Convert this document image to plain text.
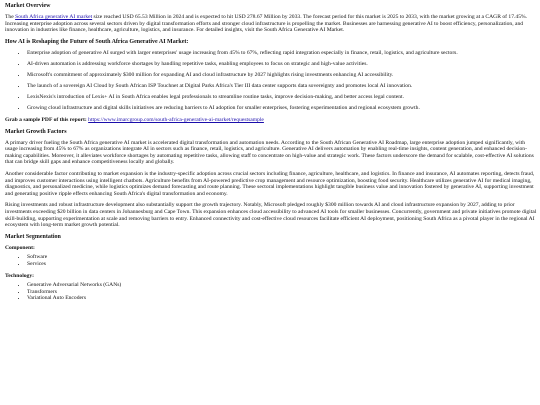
Market Overview

The South Africa generative AI market size reached USD 65.53 Million in 2024 and is expected to hit USD 278.67 Million by 2033. The forecast period for this market is 2025 to 2033, with the market growing at a CAGR of 17.45%. Increasing enterprise adoption across several sectors driven by digital transformation efforts and stronger cloud infrastructure is propelling the market. Businesses are harnessing generative AI to boost efficiency, personalization, and innovation in industries like finance, healthcare, agriculture, logistics, and insurance. For detailed insights, visit the South Africa Generative AI Market.

How AI is Reshaping the Future of South Africa Generative AI Market:
• Enterprise adoption of generative AI surged with larger enterprises' usage increasing from 45% to 67%, reflecting rapid integration especially in finance, retail, logistics, and agriculture sectors.
• AI-driven automation is addressing workforce shortages by handling repetitive tasks, enabling employees to focus on strategic and high-value activities.
• Microsoft's commitment of approximately $300 million for expanding AI and cloud infrastructure by 2027 highlights rising investments enhancing AI accessibility.
• The launch of a sovereign AI Cloud by South African ISP Touchnet at Digital Parks Africa's Tier III data center supports data sovereignty and promotes local AI innovation.
• LexisNexis's introduction of Lexis+ AI in South Africa enables legal professionals to streamline routine tasks, improve decision-making, and better access legal content.
• Growing cloud infrastructure and digital skills initiatives are reducing barriers to AI adoption for smaller enterprises, fostering experimentation and regional ecosystem growth.
Grab a sample PDF of this report: https://www.imarcgroup.com/south-africa-generative-ai-market/requestsample
Market Growth Factors

A primary driver fueling the South Africa generative AI market is accelerated digital transformation and automation needs. According to the South African Generative AI Roadmap, large enterprise adoption jumped significantly, with usage increasing from 45% to 67% as organizations integrate AI in sectors such as finance, retail, logistics, and agriculture. Generative AI delivers automation by enabling real-time insights, content generation, and enhanced decision-making capabilities. Moreover, it alleviates workforce shortages by automating repetitive tasks, allowing staff to concentrate on high-value and strategic work. These factors underscore the demand for scalable, cost-effective AI solutions that can bridge skill gaps and enhance competitiveness locally and globally.

Another considerable factor contributing to market expansion is the industry-specific adoption across crucial sectors including finance, agriculture, healthcare, and logistics. In finance and insurance, AI automates reporting, detects fraud, and improves customer interactions using intelligent chatbots. Agriculture benefits from AI-powered predictive crop management and resource optimization, boosting food security. Healthcare utilizes generative AI for medical imaging, diagnostics, and personalized medicine, while logistics optimizes demand forecasting and route planning. These sectoral implementations highlight tangible business value and innovation fostered by generative AI, supporting investment and generating positive ripple effects enhancing South Africa's digital transformation and economy.

Rising investments and robust infrastructure development also substantially support the growth trajectory. Notably, Microsoft pledged roughly $300 million towards AI and cloud infrastructure expansion by 2027, adding to prior investments exceeding $20 billion in data centers in Johannesburg and Cape Town. This expansion enhances cloud accessibility to advanced AI tools for smaller businesses. Concurrently, government and private initiatives promote digital skill-building, supporting experimentation at scale and removing barriers to entry. Enhanced connectivity and cost-effective cloud resources facilitate efficient AI deployment, positioning South Africa as a pivotal player in the regional AI ecosystem with long-term market growth potential.

Market Segmentation
Component:
• Software
• Services
Technology:
• Generative Adversarial Networks (GANs)
• Transformers
• Variational Auto Encoders
